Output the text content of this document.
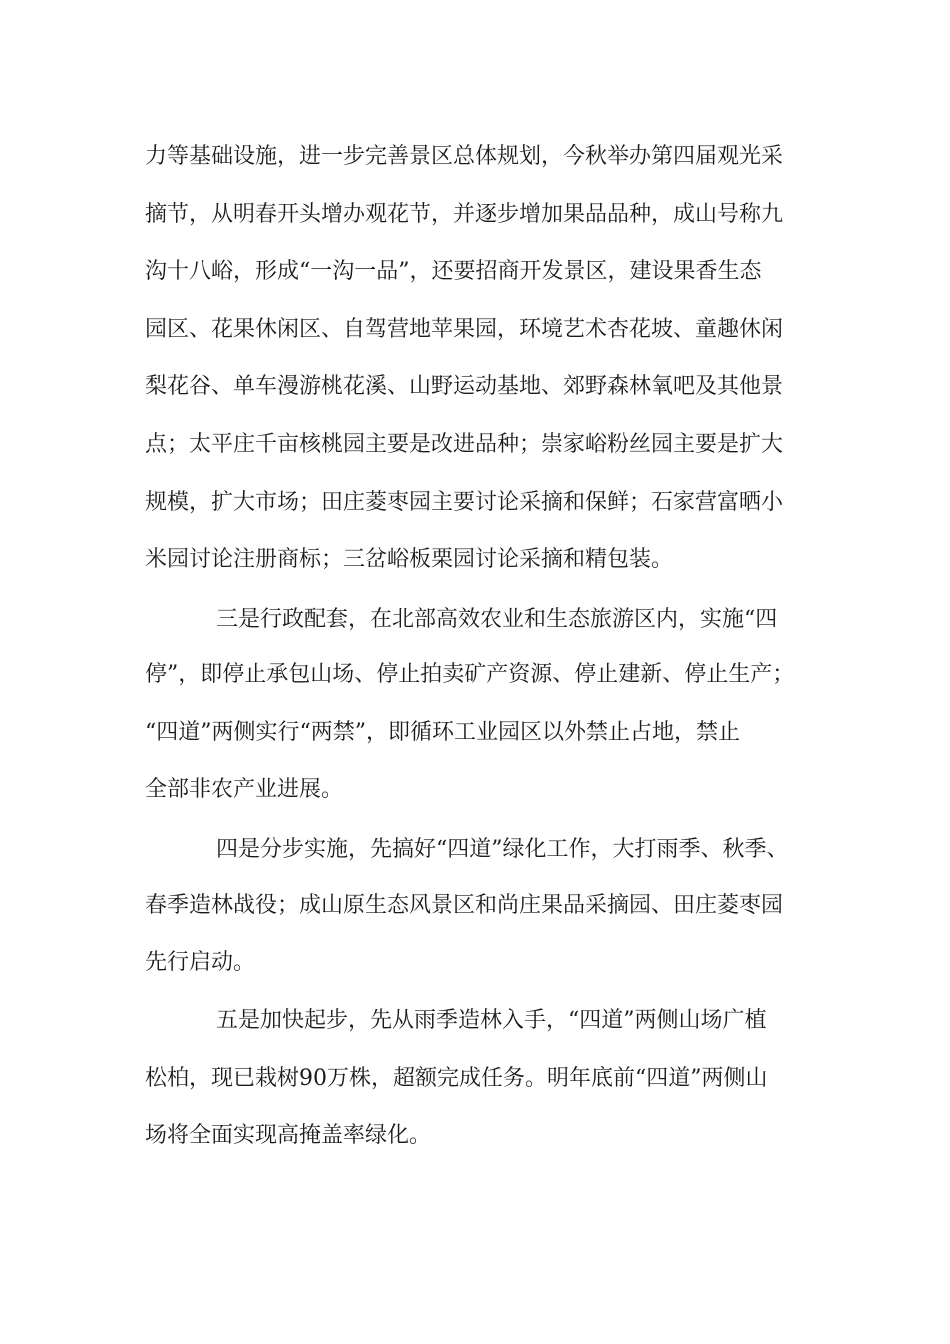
力等基础设施，进一步完善景区总体规划，今秋举办第四届观光采
摘节，从明春开头增办观花节，并逐步增加果品品种，成山号称九
沟十八峪，形成“一沟一品”，还要招商开发景区，建设果香生态
园区、花果休闲区、自驾营地苹果园，环境艺术杏花坡、童趣休闲
梨花谷、单车漫游桃花溪、山野运动基地、郊野森林氧吧及其他景
点；太平庄千亩核桃园主要是改进品种；崇家峪粉丝园主要是扩大
规模，扩大市场；田庄菱枣园主要讨论采摘和保鲜；石家营富晒小
米园讨论注册商标；三岔峪板栗园讨论采摘和精包装。
三是行政配套，在北部高效农业和生态旅游区内，实施“四
停”，即停止承包山场、停止拍卖矿产资源、停止建新、停止生产；
“四道”两侧实行“两禁”，即循环工业园区以外禁止占地，禁止
全部非农产业进展。
四是分步实施，先搞好“四道”绿化工作，大打雨季、秋季、
春季造林战役；成山原生态风景区和尚庄果品采摘园、田庄菱枣园
先行启动。
五是加快起步，先从雨季造林入手，“四道”两侧山场广植
松柏，现已栽树90万株，超额完成任务。明年底前“四道”两侧山
场将全面实现高掩盖率绿化。
